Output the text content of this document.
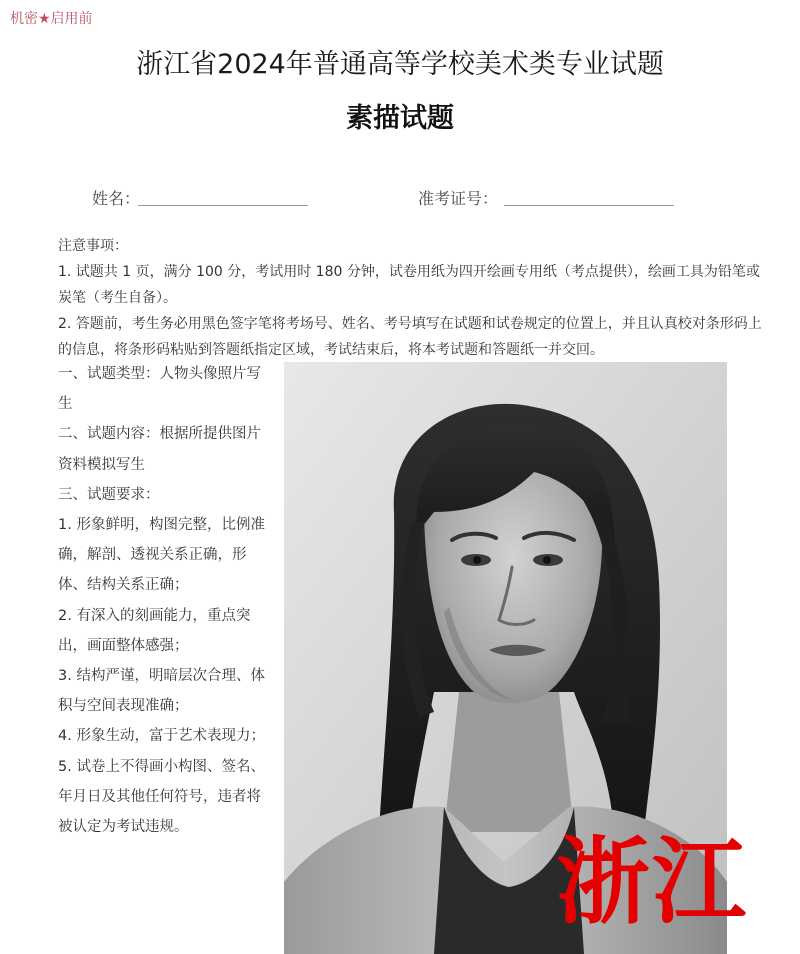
机密★启用前
浙江省2024年普通高等学校美术类专业试题
素描试题
姓名：	准考证号：

注意事项：

1. 试题共 1 页，满分 100 分，考试用时 180 分钟，试卷用纸为四开绘画专用纸（考点提供），绘画工具为铅笔或炭笔（考生自备）。

2. 答题前，考生务必用黑色签字笔将考场号、姓名、考号填写在试题和试卷规定的位置上，并且认真校对条形码上的信息，将条形码粘贴到答题纸指定区域，考试结束后，将本考试题和答题纸一并交回。

一、试题类型：人物头像照片写生

二、试题内容：根据所提供图片资料模拟写生

三、试题要求：

1. 形象鲜明，构图完整，比例准确，解剖、透视关系正确，形体、结构关系正确；

2. 有深入的刻画能力，重点突出，画面整体感强；

3. 结构严谨，明暗层次合理、体积与空间表现准确；

4. 形象生动，富于艺术表现力；

5. 试卷上不得画小构图、签名、年月日及其他任何符号，违者将被认定为考试违规。

浙江
